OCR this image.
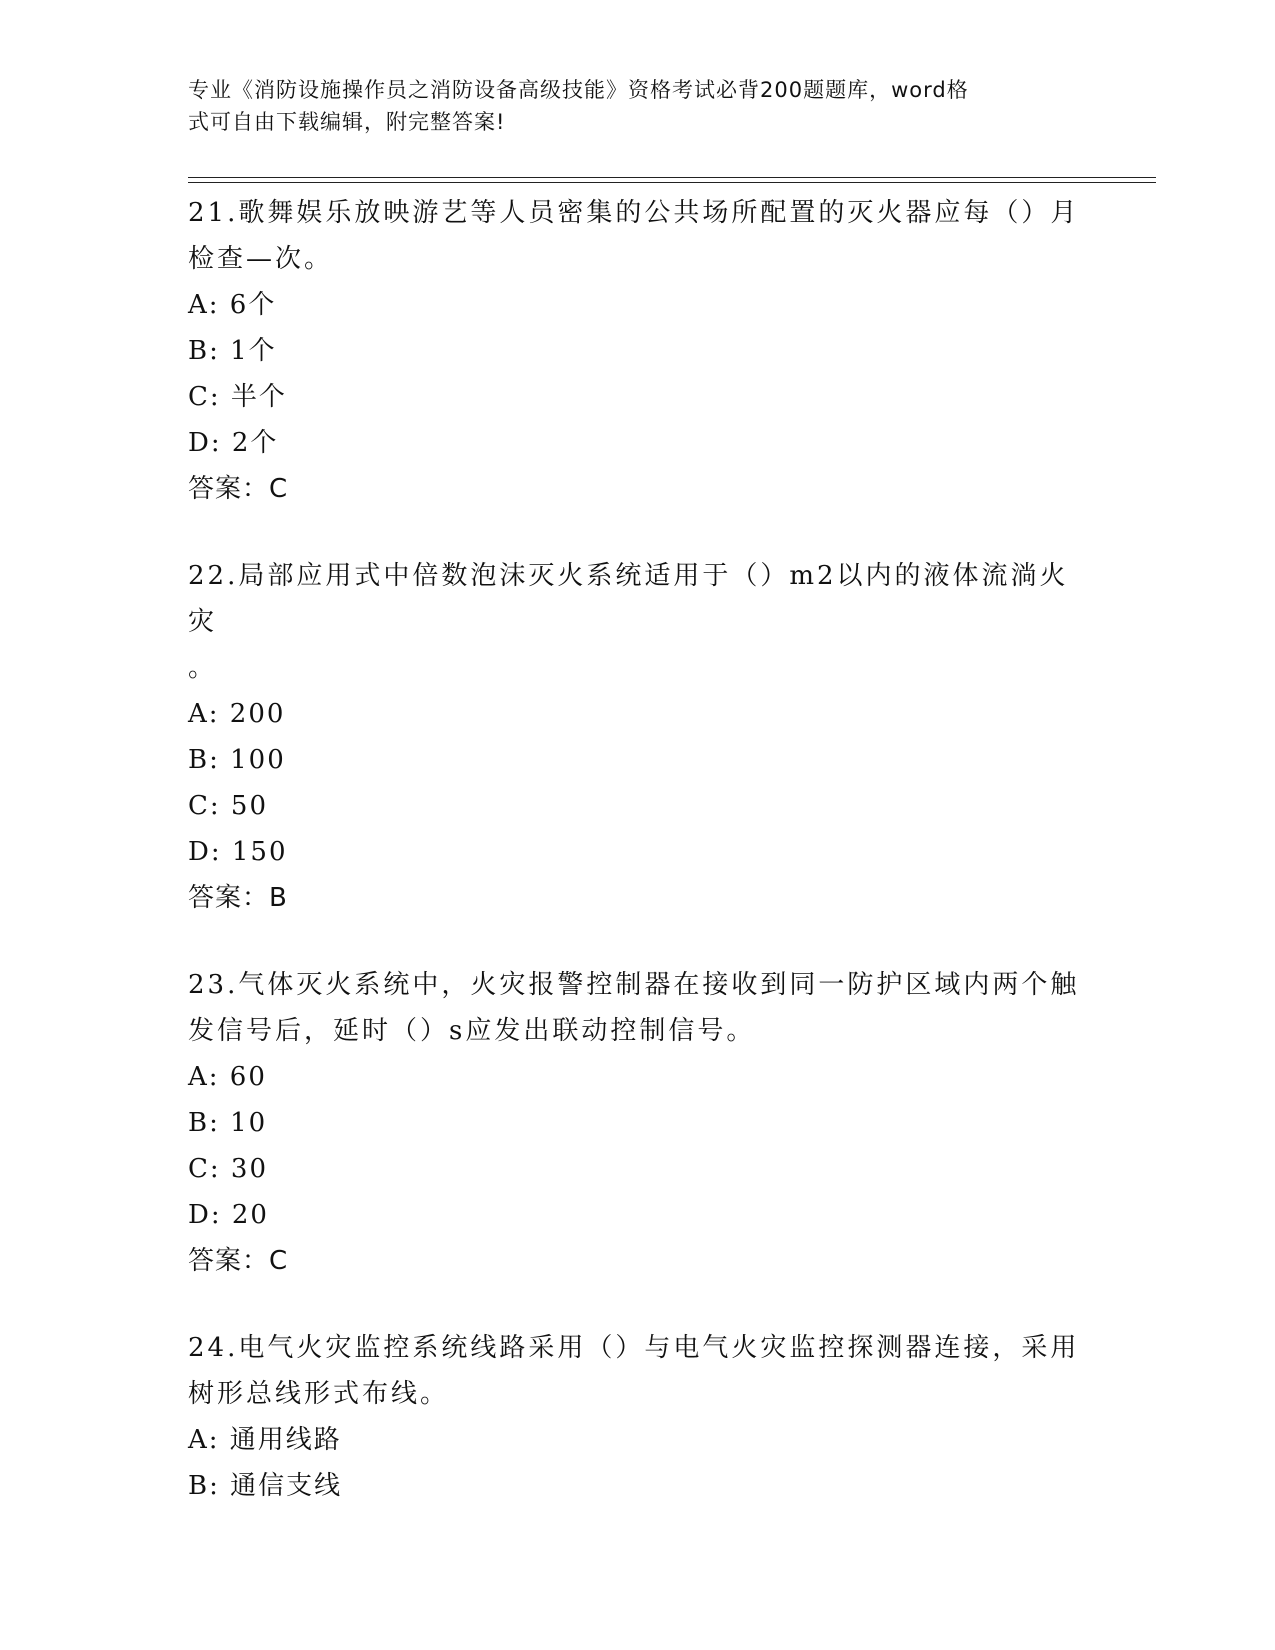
专业《消防设施操作员之消防设备高级技能》资格考试必背200题题库，word格
式可自由下载编辑，附完整答案!

21.歌舞娱乐放映游艺等人员密集的公共场所配置的灭火器应每（）月

检查—次。

A: 6个

B: 1个

C: 半个

D: 2个

答案：C

22.局部应用式中倍数泡沫灭火系统适用于（）m2以内的液体流淌火灾

。

A: 200

B: 100

C: 50

D: 150

答案：B

23.气体灭火系统中，火灾报警控制器在接收到同一防护区域内两个触

发信号后，延时（）s应发出联动控制信号。

A: 60

B: 10

C: 30

D: 20

答案：C

24.电气火灾监控系统线路采用（）与电气火灾监控探测器连接，采用

树形总线形式布线。

A: 通用线路

B: 通信支线
